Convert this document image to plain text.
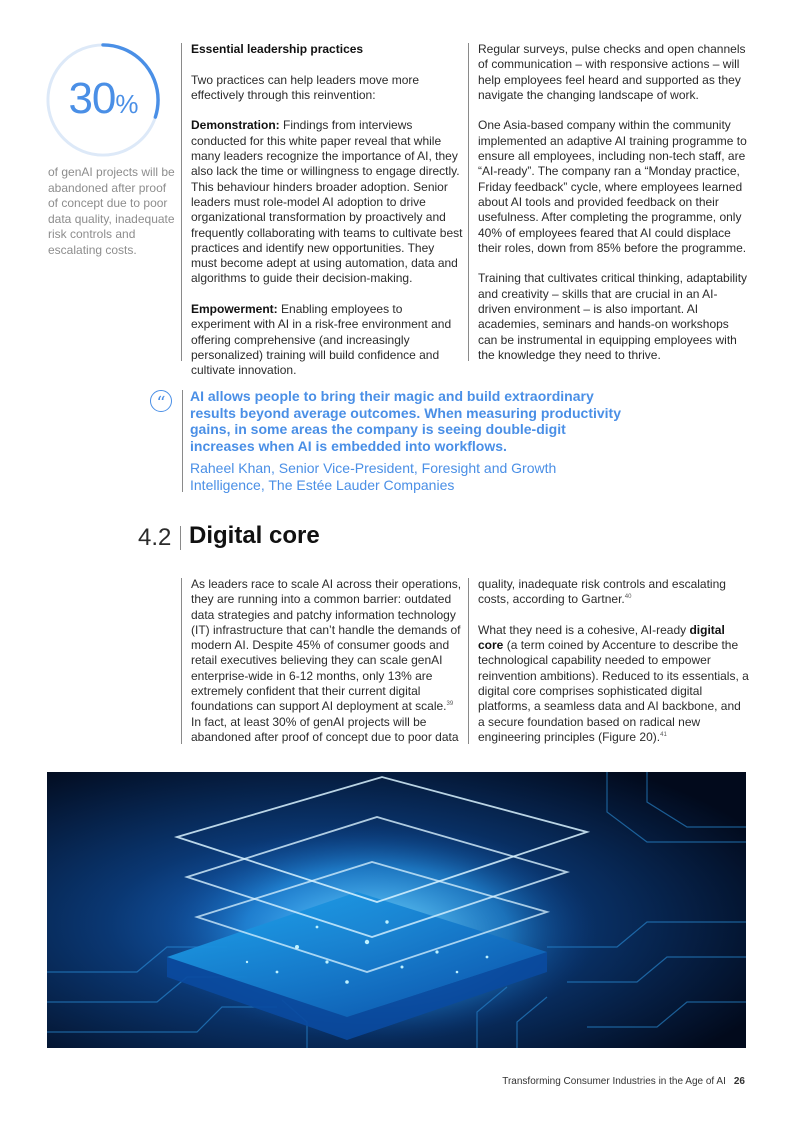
30%
of genAI projects will be abandoned after proof of concept due to poor data quality, inadequate risk controls and escalating costs.

Essential leadership practices

Two practices can help leaders move more effectively through this reinvention:

Demonstration: Findings from interviews conducted for this white paper reveal that while many leaders recognize the importance of AI, they also lack the time or willingness to engage directly. This behaviour hinders broader adoption. Senior leaders must role-model AI adoption to drive organizational transformation by proactively and frequently collaborating with teams to cultivate best practices and identify new opportunities. They must become adept at using automation, data and algorithms to guide their decision-making.

Empowerment: Enabling employees to experiment with AI in a risk-free environment and offering comprehensive (and increasingly personalized) training will build confidence and cultivate innovation.

Regular surveys, pulse checks and open channels of communication – with responsive actions – will help employees feel heard and supported as they navigate the changing landscape of work.

One Asia-based company within the community implemented an adaptive AI training programme to ensure all employees, including non-tech staff, are “AI-ready”. The company ran a “Monday practice, Friday feedback” cycle, where employees learned about AI tools and provided feedback on their usefulness. After completing the programme, only 40% of employees feared that AI could displace their roles, down from 85% before the programme.

Training that cultivates critical thinking, adaptability and creativity – skills that are crucial in an AI-driven environment – is also important. AI academies, seminars and hands-on workshops can be instrumental in equipping employees with the knowledge they need to thrive.

“	AI allows people to bring their magic and build extraordinary results beyond average outcomes. When measuring productivity gains, in some areas the company is seeing double-digit increases when AI is embedded into workflows.
Raheel Khan, Senior Vice-President, Foresight and Growth Intelligence, The Estée Lauder Companies
4.2 Digital core

As leaders race to scale AI across their operations, they are running into a common barrier: outdated data strategies and patchy information technology (IT) infrastructure that can’t handle the demands of modern AI. Despite 45% of consumer goods and retail executives believing they can scale genAI enterprise-wide in 6-12 months, only 13% are extremely confident that their current digital foundations can support AI deployment at scale.$^{39}$

In fact, at least 30% of genAI projects will be abandoned after proof of concept due to poor data

quality, inadequate risk controls and escalating costs, according to Gartner.$^{40}$

What they need is a cohesive, AI-ready digital core (a term coined by Accenture to describe the technological capability needed to empower reinvention ambitions). Reduced to its essentials, a digital core comprises sophisticated digital platforms, a seamless data and AI backbone, and a secure foundation based on radical new engineering principles (Figure 20).$^{41}$

Transforming Consumer Industries in the Age of AI 26
